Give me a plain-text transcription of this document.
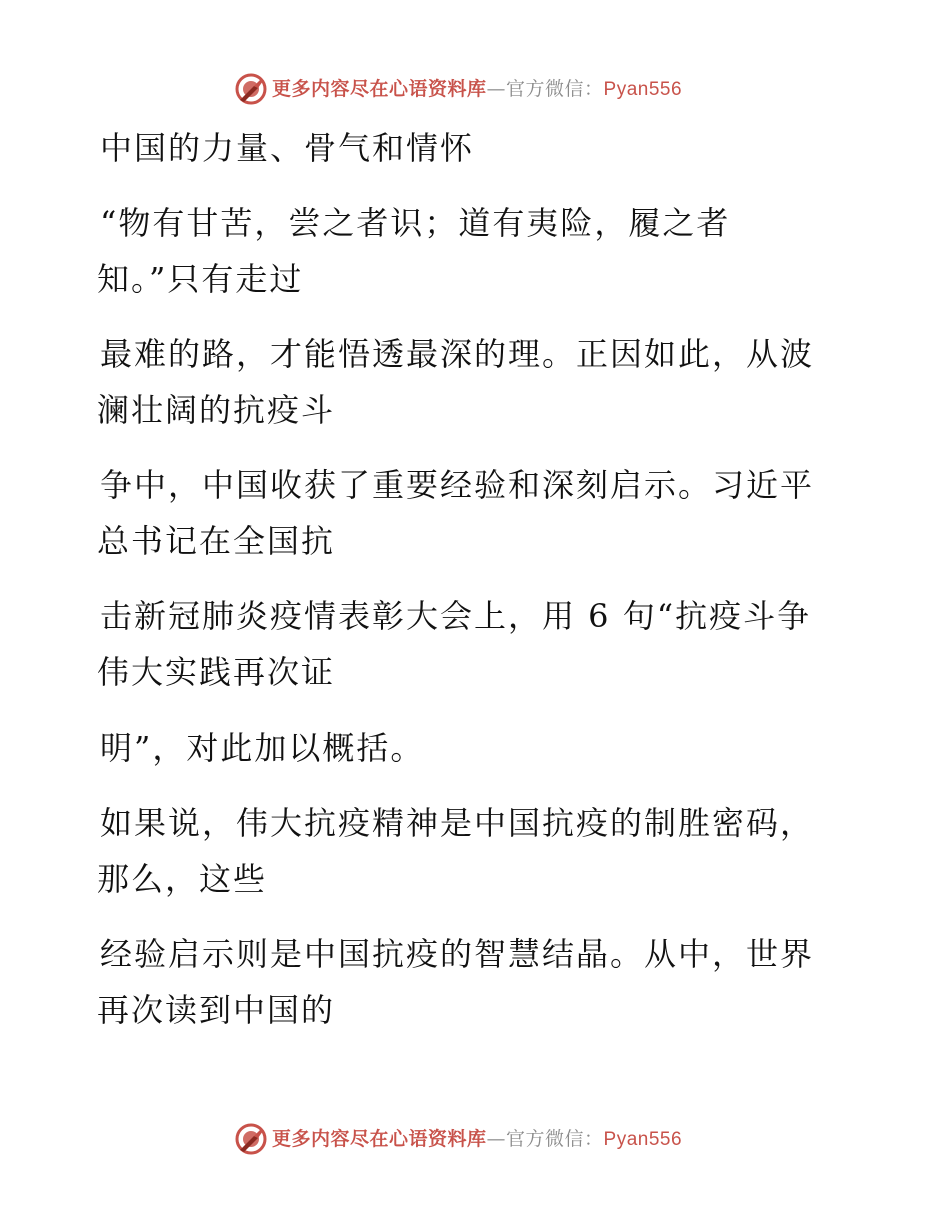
更多内容尽在心语资料库—官方微信：Pyan556
中国的力量、骨气和情怀
“物有甘苦，尝之者识；道有夷险，履之者
知。”只有走过
最难的路，才能悟透最深的理。正因如此，从波
澜壮阔的抗疫斗
争中，中国收获了重要经验和深刻启示。习近平
总书记在全国抗
击新冠肺炎疫情表彰大会上，用 6 句“抗疫斗争
伟大实践再次证
明”，对此加以概括。
如果说，伟大抗疫精神是中国抗疫的制胜密码，
那么，这些
经验启示则是中国抗疫的智慧结晶。从中，世界
再次读到中国的
更多内容尽在心语资料库—官方微信：Pyan556
